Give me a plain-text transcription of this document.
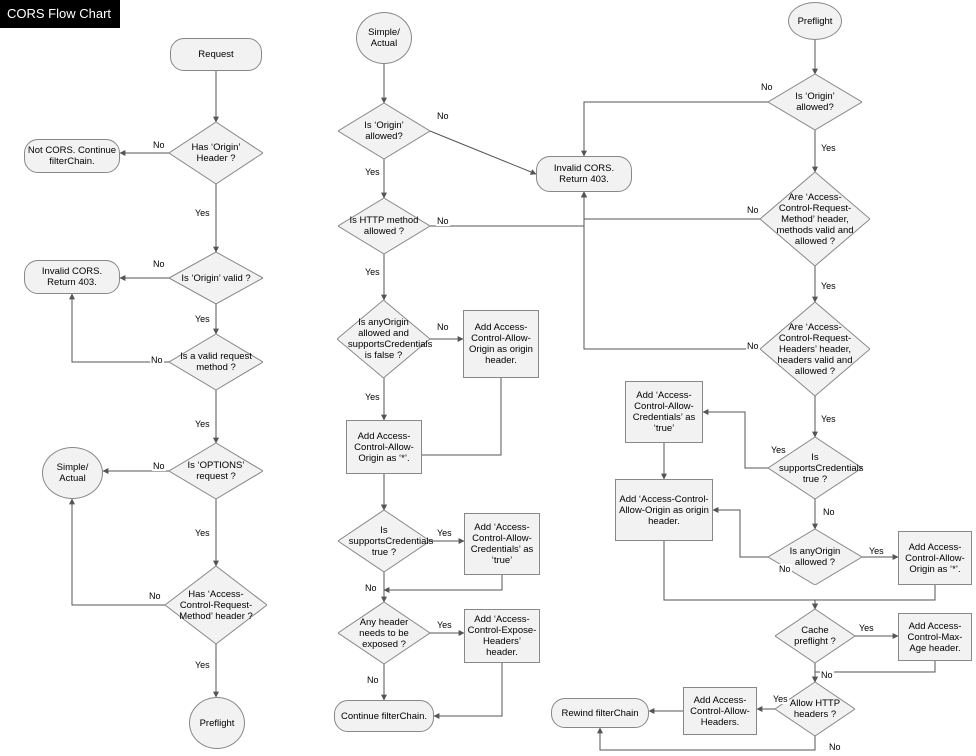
Request
Has ‘Origin’ Header ?
Not CORS. Continue filterChain.
Is ‘Origin’ valid ?
Invalid CORS. Return 403.
Is a valid request method ?
Is ‘OPTIONS’ request ?
Simple/ Actual
Has ‘Access-Control-Request-Method’ header ?
Preflight
Simple/ Actual
Is ‘Origin’ allowed?
Invalid CORS. Return 403.
Is HTTP method allowed ?
Is anyOrigin allowed and supportsCredentials is false ?
Add Access-Control-Allow-Origin as origin header.
Add Access-Control-Allow-Origin as ‘*’.
Is supportsCredentials true ?
Add ‘Access-Control-Allow-Credentials’ as ‘true’
Any header needs to be exposed ?
Add ‘Access-Control-Expose-Headers’ header.
Continue filterChain.
Preflight
Is ‘Origin’ allowed?
Are ‘Access-Control-Request-Method’ header, methods valid and allowed ?
Are ‘Access-Control-Request-Headers’ header, headers valid and allowed ?
Is supportsCredentials true ?
Add ‘Access-Control-Allow-Credentials’ as ‘true’
Add ‘Access-Control-Allow-Origin as origin header.
Is anyOrigin allowed ?
Add Access-Control-Allow-Origin as ‘*’.
Cache preflight ?
Add Access-Control-Max-Age header.
Allow HTTP headers ?
Add Access-Control-Allow-Headers.
Rewind filterChain
No
Yes
No
Yes
No
Yes
No
Yes
No
Yes
No
Yes
No
Yes
No
Yes
Yes
No
Yes
No
No
Yes
No
Yes
No
Yes
Yes
No
No
Yes
Yes
No
Yes
No
CORS Flow Chart
